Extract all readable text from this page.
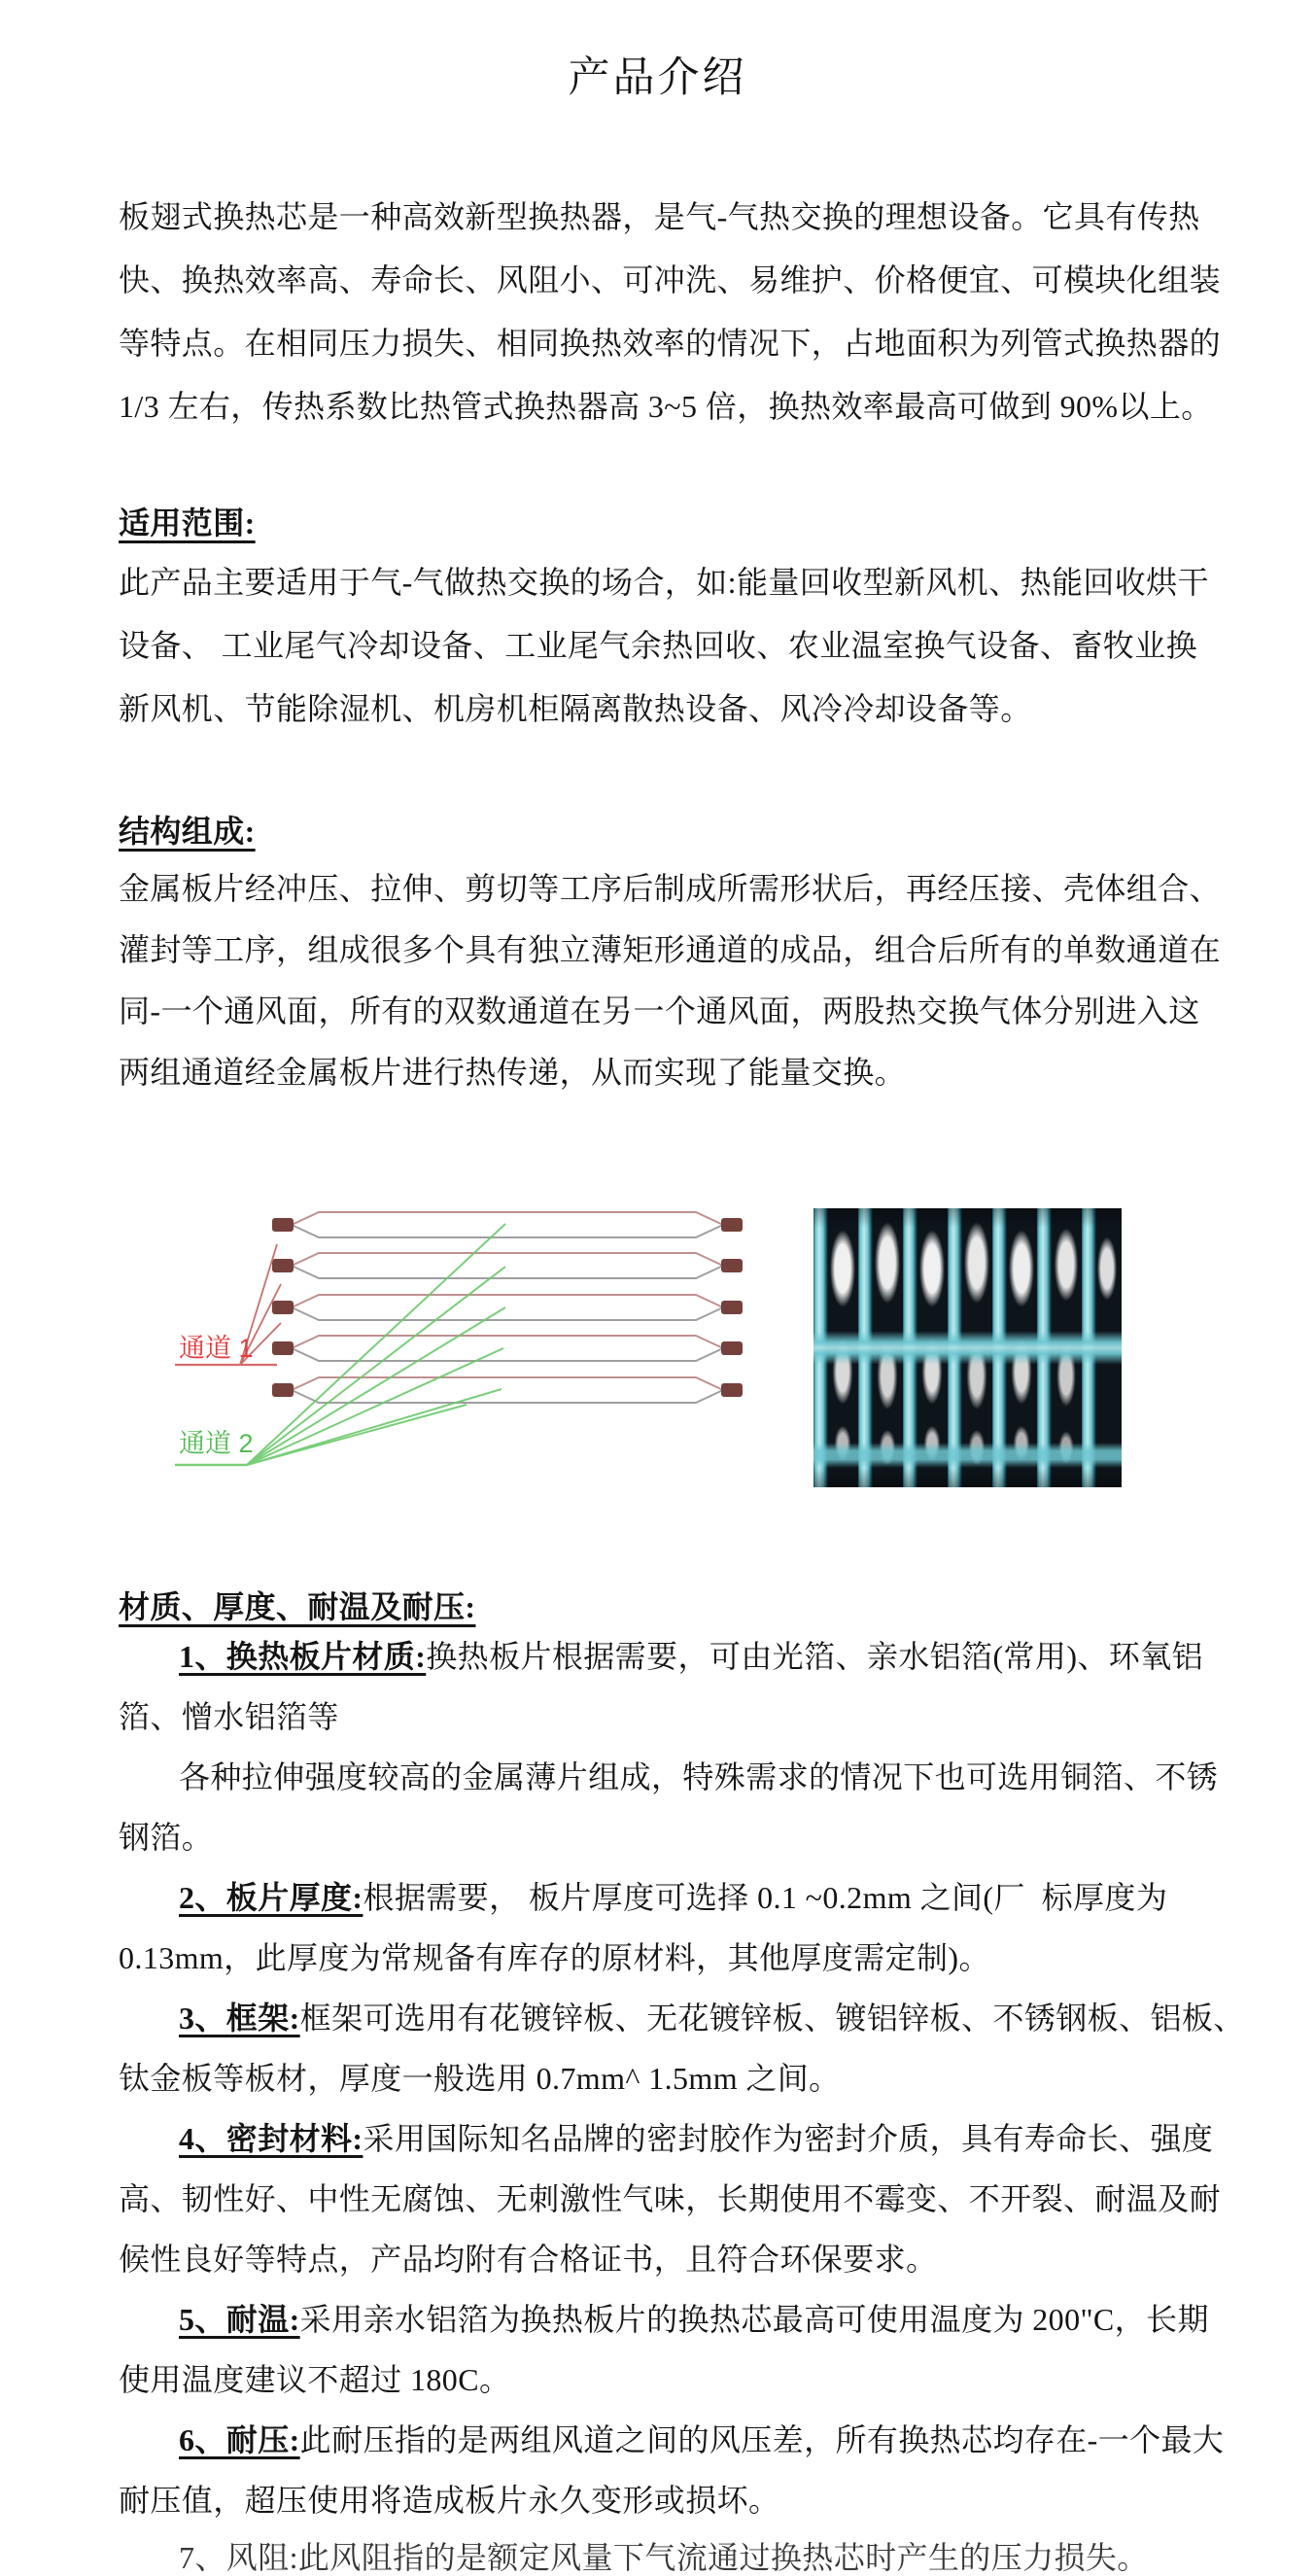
产品介绍
板翅式换热芯是一种高效新型换热器，是气-气热交换的理想设备。它具有传热
快、换热效率高、寿命长、风阻小、可冲洗、易维护、价格便宜、可模块化组装
等特点。在相同压力损失、相同换热效率的情况下，占地面积为列管式换热器的
1/3 左右，传热系数比热管式换热器高 3~5 倍，换热效率最高可做到 90%以上。
适用范围:
此产品主要适用于气-气做热交换的场合，如:能量回收型新风机、热能回收烘干
设备、 工业尾气冷却设备、工业尾气余热回收、农业温室换气设备、畜牧业换
新风机、节能除湿机、机房机柜隔离散热设备、风冷冷却设备等。
结构组成:
金属板片经冲压、拉伸、剪切等工序后制成所需形状后，再经压接、壳体组合、
灌封等工序，组成很多个具有独立薄矩形通道的成品，组合后所有的单数通道在
同-一个通风面，所有的双数通道在另一个通风面，两股热交换气体分别进入这
两组通道经金属板片进行热传递，从而实现了能量交换。
通道 1
通道 2
材质、厚度、耐温及耐压:
1、换热板片材质:换热板片根据需要，可由光箔、亲水铝箔(常用)、环氧铝
箔、憎水铝箔等
各种拉伸强度较高的金属薄片组成，特殊需求的情况下也可选用铜箔、不锈
钢箔。
2、板片厚度:根据需要， 板片厚度可选择 0.1 ~0.2mm 之间(厂  标厚度为
0.13mm，此厚度为常规备有库存的原材料，其他厚度需定制)。
3、框架:框架可选用有花镀锌板、无花镀锌板、镀铝锌板、不锈钢板、铝板、
钛金板等板材，厚度一般选用 0.7mm^ 1.5mm 之间。
4、密封材料:采用国际知名品牌的密封胶作为密封介质，具有寿命长、强度
高、韧性好、中性无腐蚀、无刺激性气味，长期使用不霉变、不开裂、耐温及耐
候性良好等特点，产品均附有合格证书，且符合环保要求。
5、耐温:采用亲水铝箔为换热板片的换热芯最高可使用温度为 200"C，长期
使用温度建议不超过 180C。
6、耐压:此耐压指的是两组风道之间的风压差，所有换热芯均存在-一个最大
耐压值，超压使用将造成板片永久变形或损坏。
7、风阻:此风阻指的是额定风量下气流通过换热芯时产生的压力损失。
